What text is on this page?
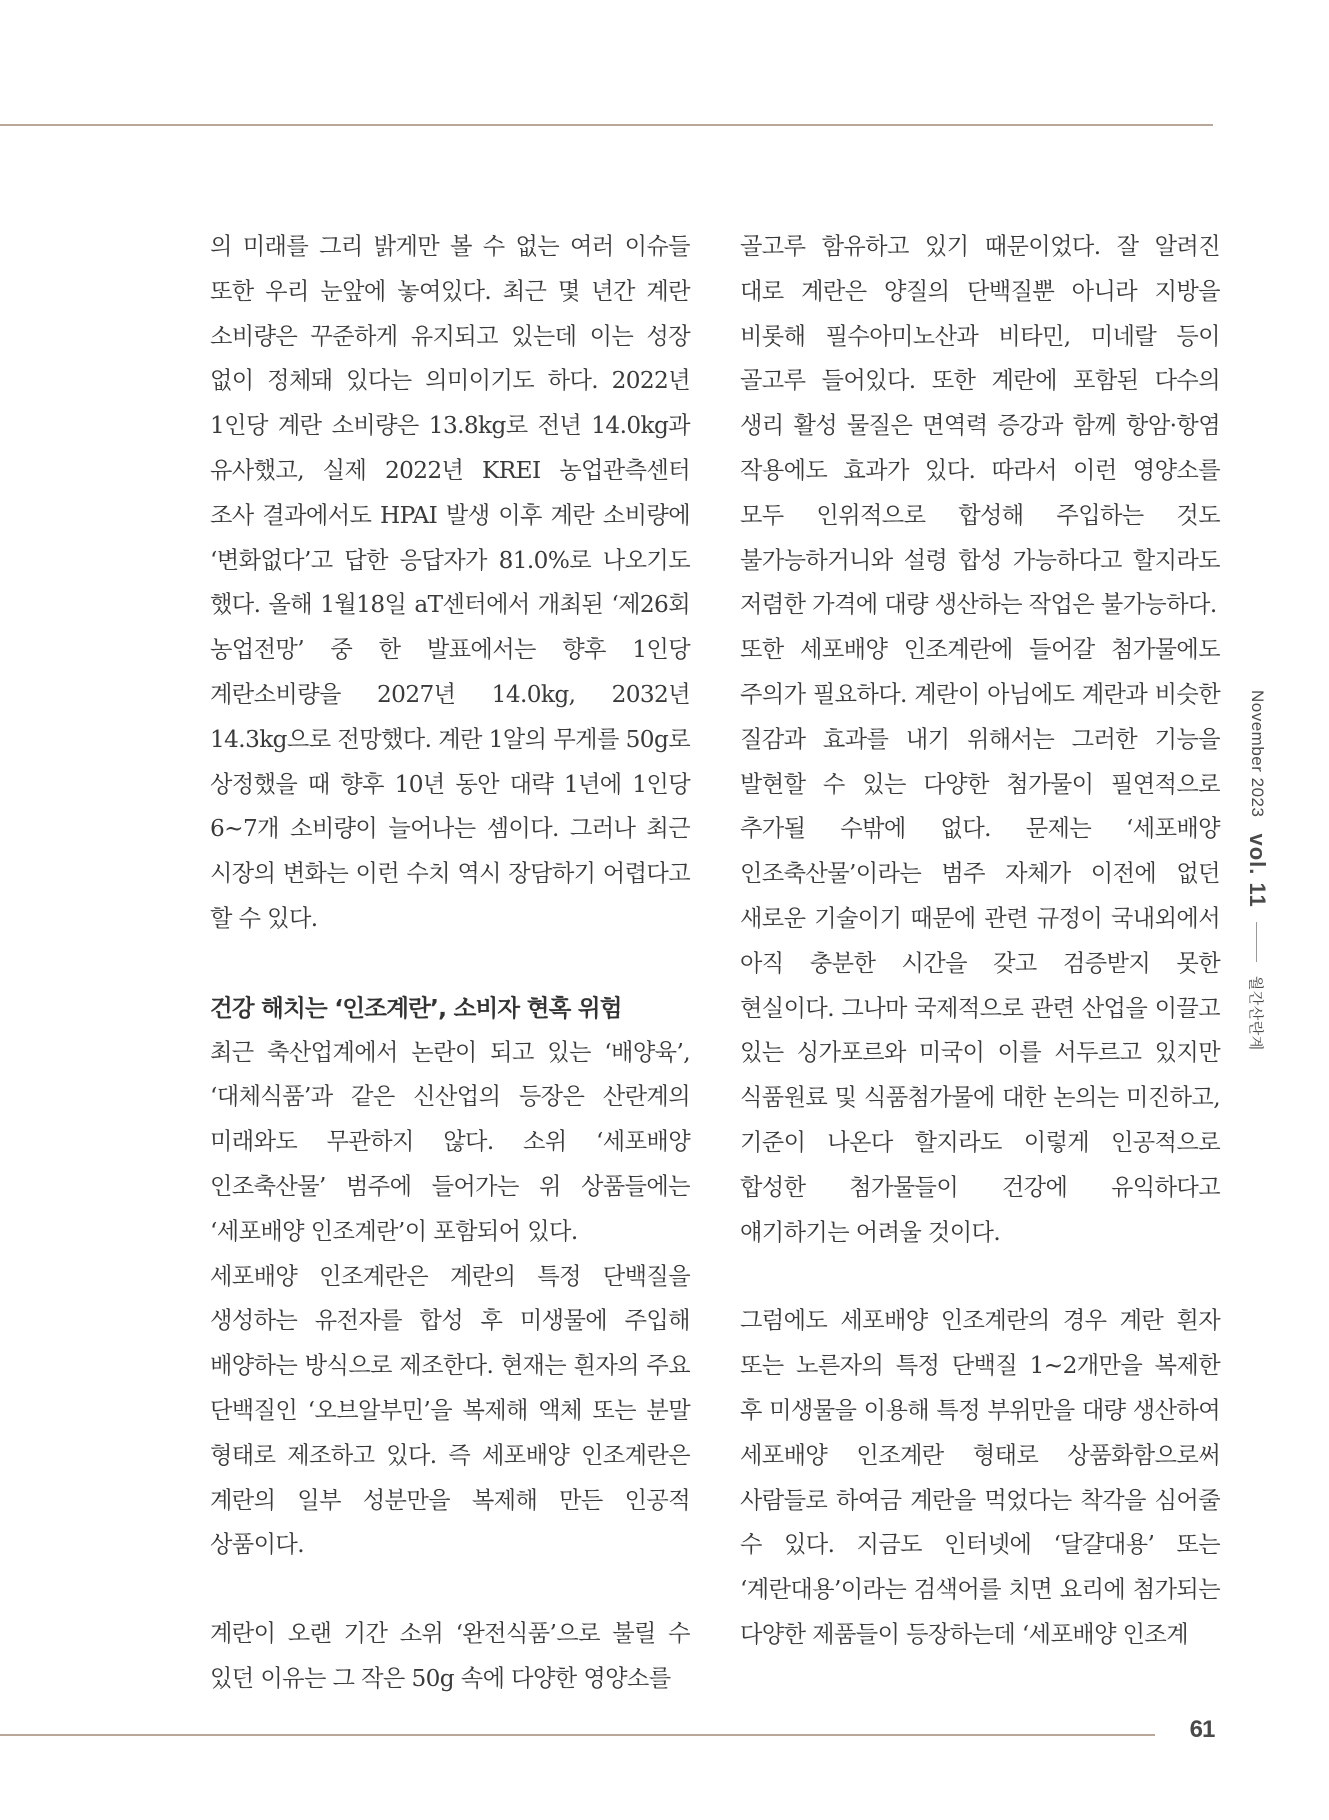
의 미래를 그리 밝게만 볼 수 없는 여러 이슈들 또한 우리 눈앞에 놓여있다. 최근 몇 년간 계란 소비량은 꾸준하게 유지되고 있는데 이는 성장 없이 정체돼 있다는 의미이기도 하다. 2022년 1인당 계란 소비량은 13.8kg로 전년 14.0kg과 유사했고, 실제 2022년 KREI 농업관측센터 조사 결과에서도 HPAI 발생 이후 계란 소비량에 ‘변화없다’고 답한 응답자가 81.0%로 나오기도 했다. 올해 1월18일 aT센터에서 개최된 ‘제26회 농업전망’ 중 한 발표에서는 향후 1인당 계란소비량을 2027년 14.0kg, 2032년 14.3kg으로 전망했다. 계란 1알의 무게를 50g로 상정했을 때 향후 10년 동안 대략 1년에 1인당 6~7개 소비량이 늘어나는 셈이다. 그러나 최근 시장의 변화는 이런 수치 역시 장담하기 어렵다고 할 수 있다.

건강 해치는 ‘인조계란’, 소비자 현혹 위험

최근 축산업계에서 논란이 되고 있는 ‘배양육’, ‘대체식품’과 같은 신산업의 등장은 산란계의 미래와도 무관하지 않다. 소위 ‘세포배양 인조축산물’ 범주에 들어가는 위 상품들에는 ‘세포배양 인조계란’이 포함되어 있다.

세포배양 인조계란은 계란의 특정 단백질을 생성하는 유전자를 합성 후 미생물에 주입해 배양하는 방식으로 제조한다. 현재는 흰자의 주요 단백질인 ‘오브알부민’을 복제해 액체 또는 분말 형태로 제조하고 있다. 즉 세포배양 인조계란은 계란의 일부 성분만을 복제해 만든 인공적 상품이다.

계란이 오랜 기간 소위 ‘완전식품’으로 불릴 수 있던 이유는 그 작은 50g 속에 다양한 영양소를

골고루 함유하고 있기 때문이었다. 잘 알려진 대로 계란은 양질의 단백질뿐 아니라 지방을 비롯해 필수아미노산과 비타민, 미네랄 등이 골고루 들어있다. 또한 계란에 포함된 다수의 생리 활성 물질은 면역력 증강과 함께 항암·항염 작용에도 효과가 있다. 따라서 이런 영양소를 모두 인위적으로 합성해 주입하는 것도 불가능하거니와 설령 합성 가능하다고 할지라도 저렴한 가격에 대량 생산하는 작업은 불가능하다.

또한 세포배양 인조계란에 들어갈 첨가물에도 주의가 필요하다. 계란이 아님에도 계란과 비슷한 질감과 효과를 내기 위해서는 그러한 기능을 발현할 수 있는 다양한 첨가물이 필연적으로 추가될 수밖에 없다. 문제는 ‘세포배양 인조축산물’이라는 범주 자체가 이전에 없던 새로운 기술이기 때문에 관련 규정이 국내외에서 아직 충분한 시간을 갖고 검증받지 못한 현실이다. 그나마 국제적으로 관련 산업을 이끌고 있는 싱가포르와 미국이 이를 서두르고 있지만 식품원료 및 식품첨가물에 대한 논의는 미진하고, 기준이 나온다 할지라도 이렇게 인공적으로 합성한 첨가물들이 건강에 유익하다고 얘기하기는 어려울 것이다.

그럼에도 세포배양 인조계란의 경우 계란 흰자 또는 노른자의 특정 단백질 1~2개만을 복제한 후 미생물을 이용해 특정 부위만을 대량 생산하여 세포배양 인조계란 형태로 상품화함으로써 사람들로 하여금 계란을 먹었다는 착각을 심어줄 수 있다. 지금도 인터넷에 ‘달걀대용’ 또는 ‘계란대용’이라는 검색어를 치면 요리에 첨가되는 다양한 제품들이 등장하는데 ‘세포배양 인조계

November 2023
vol. 11
월간산란계
61
